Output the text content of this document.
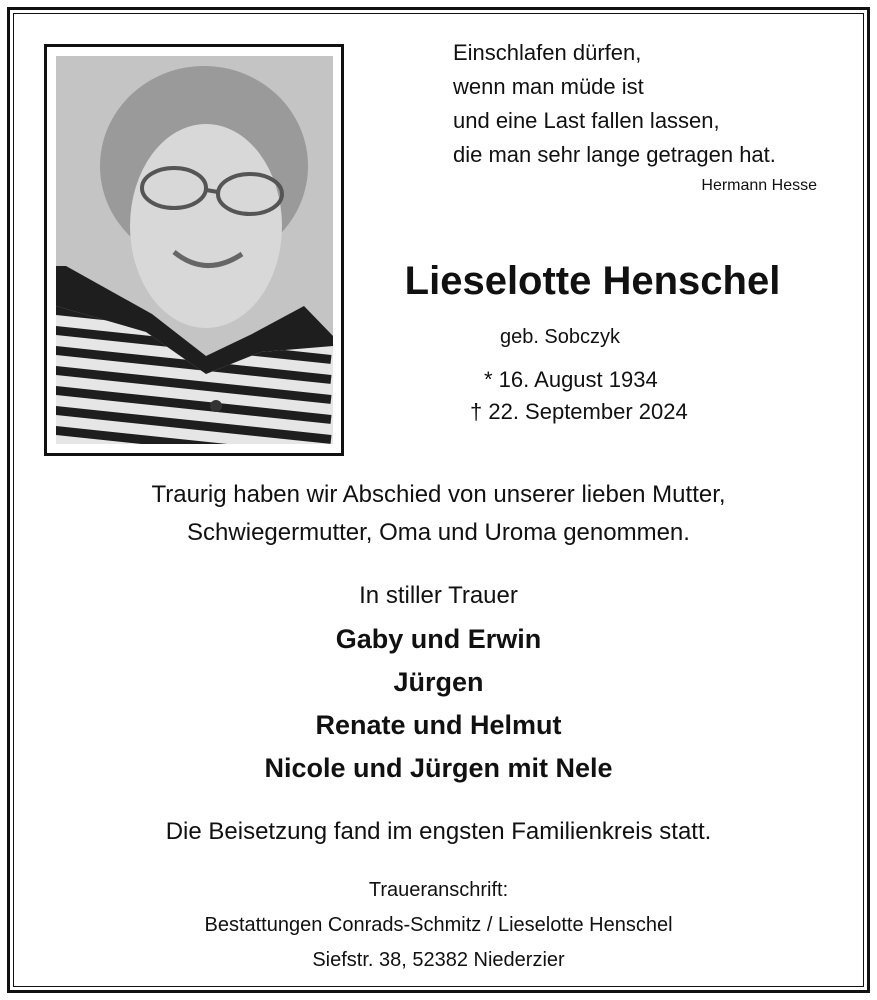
Einschlafen dürfen,
wenn man müde ist
und eine Last fallen lassen,
die man sehr lange getragen hat.
Hermann Hesse
Lieselotte Henschel
geb. Sobczyk
* 16. August 1934
† 22. September 2024
Traurig haben wir Abschied von unserer lieben Mutter,
Schwiegermutter, Oma und Uroma genommen.
In stiller Trauer
Gaby und Erwin
Jürgen
Renate und Helmut
Nicole und Jürgen mit Nele
Die Beisetzung fand im engsten Familienkreis statt.
Traueranschrift:
Bestattungen Conrads-Schmitz / Lieselotte Henschel
Siefstr. 38, 52382 Niederzier
